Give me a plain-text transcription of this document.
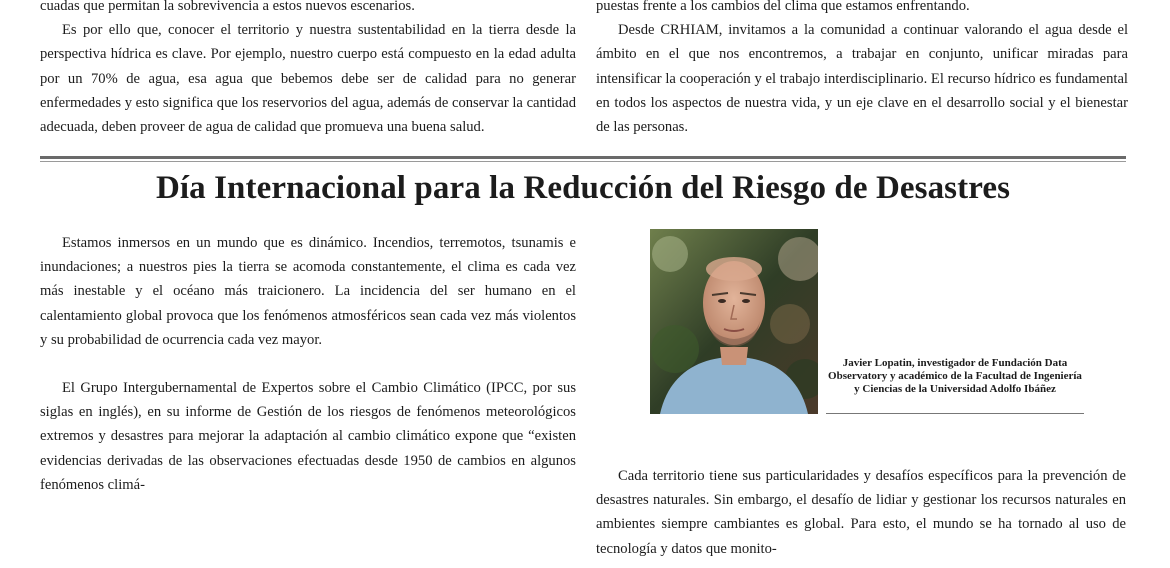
cuadas que permitan la sobrevivencia a estos nuevos escenarios.

Es por ello que, conocer el territorio y nuestra sustentabilidad en la tierra desde la perspectiva hídrica es clave. Por ejemplo, nuestro cuerpo está compuesto en la edad adulta por un 70% de agua, esa agua que bebemos debe ser de calidad para no generar enfermedades y esto significa que los reservorios del agua, además de conservar la cantidad adecuada, deben proveer de agua de calidad que promueva una buena salud.

puestas frente a los cambios del clima que estamos enfrentando.

Desde CRHIAM, invitamos a la comunidad a continuar valorando el agua desde el ámbito en el que nos encontremos, a trabajar en conjunto, unificar miradas para intensificar la cooperación y el trabajo interdisciplinario. El recurso hídrico es fundamental en todos los aspectos de nuestra vida, y un eje clave en el desarrollo social y el bienestar de las personas.

Día Internacional para la Reducción del Riesgo de Desastres

Estamos inmersos en un mundo que es dinámico. Incendios, terremotos, tsunamis e inundaciones; a nuestros pies la tierra se acomoda constantemente, el clima es cada vez más inestable y el océano más traicionero. La incidencia del ser humano en el calentamiento global provoca que los fenómenos atmosféricos sean cada vez más violentos y su probabilidad de ocurrencia cada vez mayor.

El Grupo Intergubernamental de Expertos sobre el Cambio Climático (IPCC, por sus siglas en inglés), en su informe de Gestión de los riesgos de fenómenos meteorológicos extremos y desastres para mejorar la adaptación al cambio climático expone que “existen evidencias derivadas de las observaciones efectuadas desde 1950 de cambios en algunos fenómenos climá-

Javier Lopatin, investigador de Fundación Data Observatory y académico de la Facultad de Ingeniería y Ciencias de la Universidad Adolfo Ibáñez

Cada territorio tiene sus particularidades y desafíos específicos para la prevención de desastres naturales. Sin embargo, el desafío de lidiar y gestionar los recursos naturales en ambientes siempre cambiantes es global. Para esto, el mundo se ha tornado al uso de tecnología y datos que monito-
